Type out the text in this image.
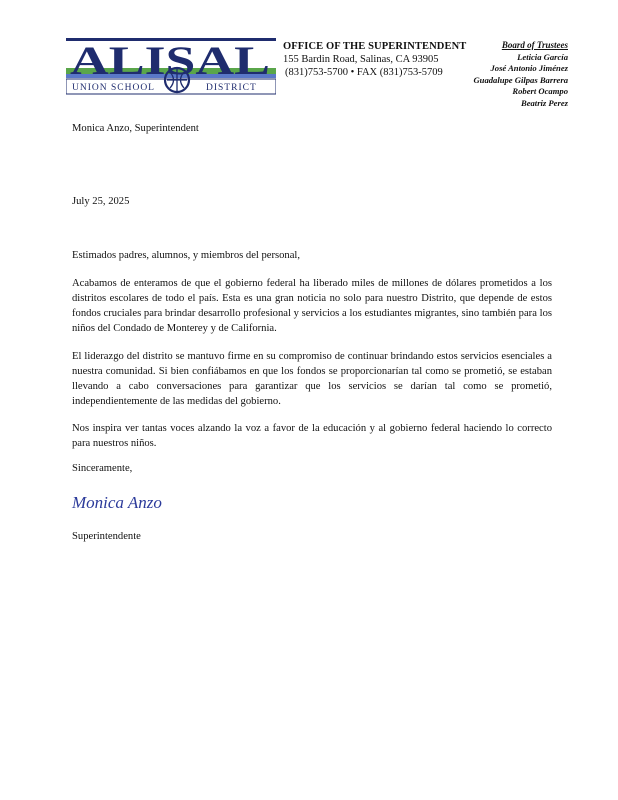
ALISAL
UNION SCHOOL	DISTRICT
OFFICE OF THE SUPERINTENDENT
155 Bardin Road, Salinas, CA 93905
(831)753-5700 • FAX (831)753-5709
Board of Trustees
Leticia García
José Antonio Jiménez
Guadalupe Gilpas Barrera
Robert Ocampo
Beatriz Perez
Monica Anzo, Superintendent
July 25, 2025
Estimados padres, alumnos, y miembros del personal,

Acabamos de enteramos de que el gobierno federal ha liberado miles de millones de dólares prometidos a los distritos escolares de todo el país. Esta es una gran noticia no solo para nuestro Distrito, que depende de estos fondos cruciales para brindar desarrollo profesional y servicios a los estudiantes migrantes, sino también para los niños del Condado de Monterey y de California.

El liderazgo del distrito se mantuvo firme en su compromiso de continuar brindando estos servicios esenciales a nuestra comunidad. Si bien confiábamos en que los fondos se proporcionarían tal como se prometió, se estaban llevando a cabo conversaciones para garantizar que los servicios se darían tal como se prometió, independientemente de las medidas del gobierno.

Nos inspira ver tantas voces alzando la voz a favor de la educación y al gobierno federal haciendo lo correcto para nuestros niños.

Sinceramente,
Monica Anzo
Superintendente
